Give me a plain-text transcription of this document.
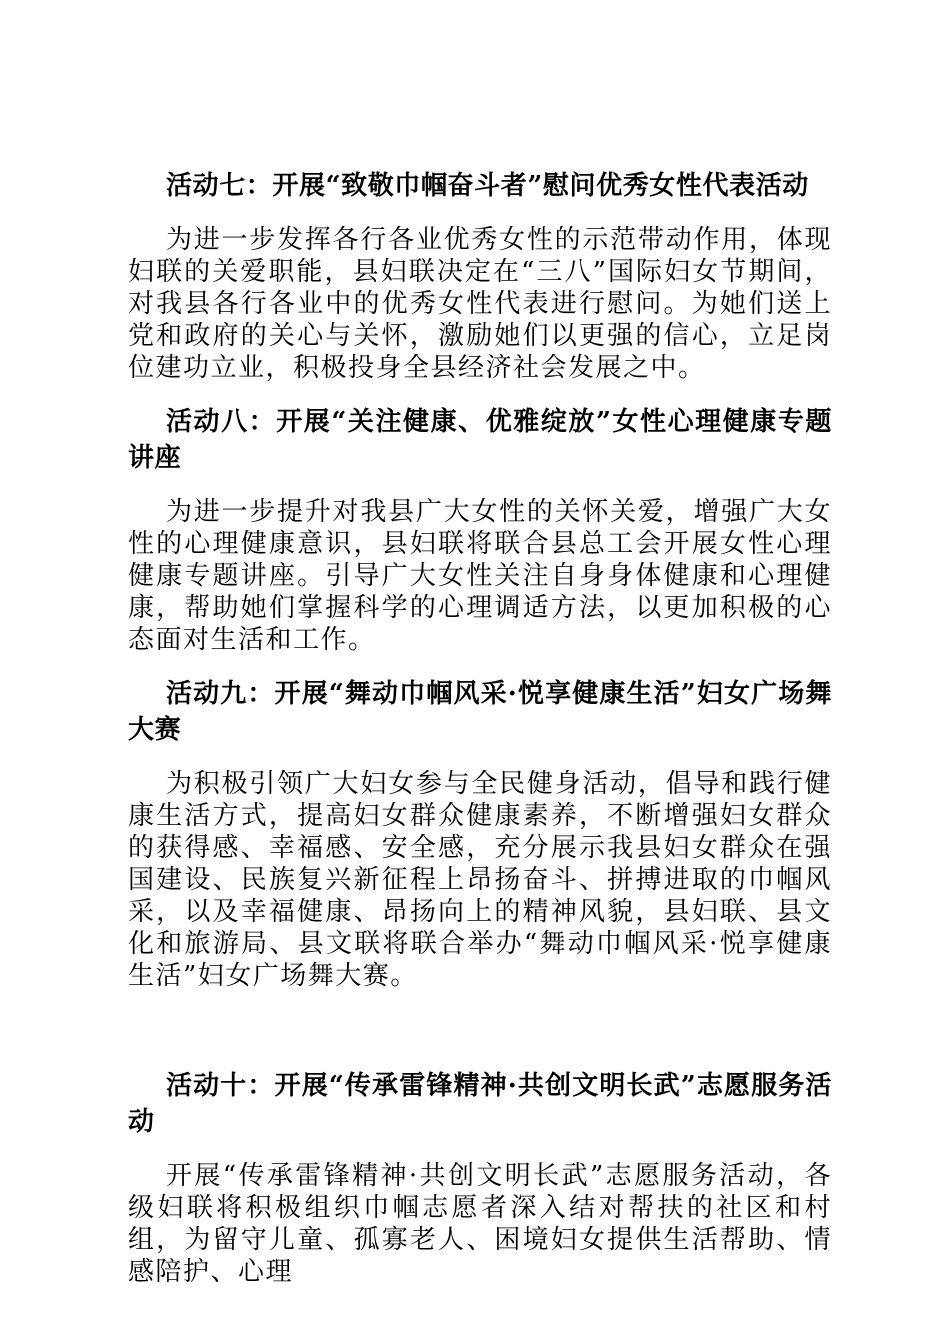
活动七：开展“致敬巾帼奋斗者”慰问优秀女性代表活动

为进一步发挥各行各业优秀女性的示范带动作用，体现妇联的关爱职能，县妇联决定在“三八”国际妇女节期间，对我县各行各业中的优秀女性代表进行慰问。为她们送上党和政府的关心与关怀，激励她们以更强的信心，立足岗位建功立业，积极投身全县经济社会发展之中。

活动八：开展“关注健康、优雅绽放”女性心理健康专题讲座

为进一步提升对我县广大女性的关怀关爱，增强广大女性的心理健康意识，县妇联将联合县总工会开展女性心理健康专题讲座。引导广大女性关注自身身体健康和心理健康，帮助她们掌握科学的心理调适方法，以更加积极的心态面对生活和工作。

活动九：开展“舞动巾帼风采·悦享健康生活”妇女广场舞大赛

为积极引领广大妇女参与全民健身活动，倡导和践行健康生活方式，提高妇女群众健康素养，不断增强妇女群众的获得感、幸福感、安全感，充分展示我县妇女群众在强国建设、民族复兴新征程上昂扬奋斗、拼搏进取的巾帼风采，以及幸福健康、昂扬向上的精神风貌，县妇联、县文化和旅游局、县文联将联合举办“舞动巾帼风采·悦享健康生活”妇女广场舞大赛。

活动十：开展“传承雷锋精神·共创文明长武”志愿服务活动

开展“传承雷锋精神·共创文明长武”志愿服务活动，各级妇联将积极组织巾帼志愿者深入结对帮扶的社区和村组，为留守儿童、孤寡老人、困境妇女提供生活帮助、情感陪护、心理
